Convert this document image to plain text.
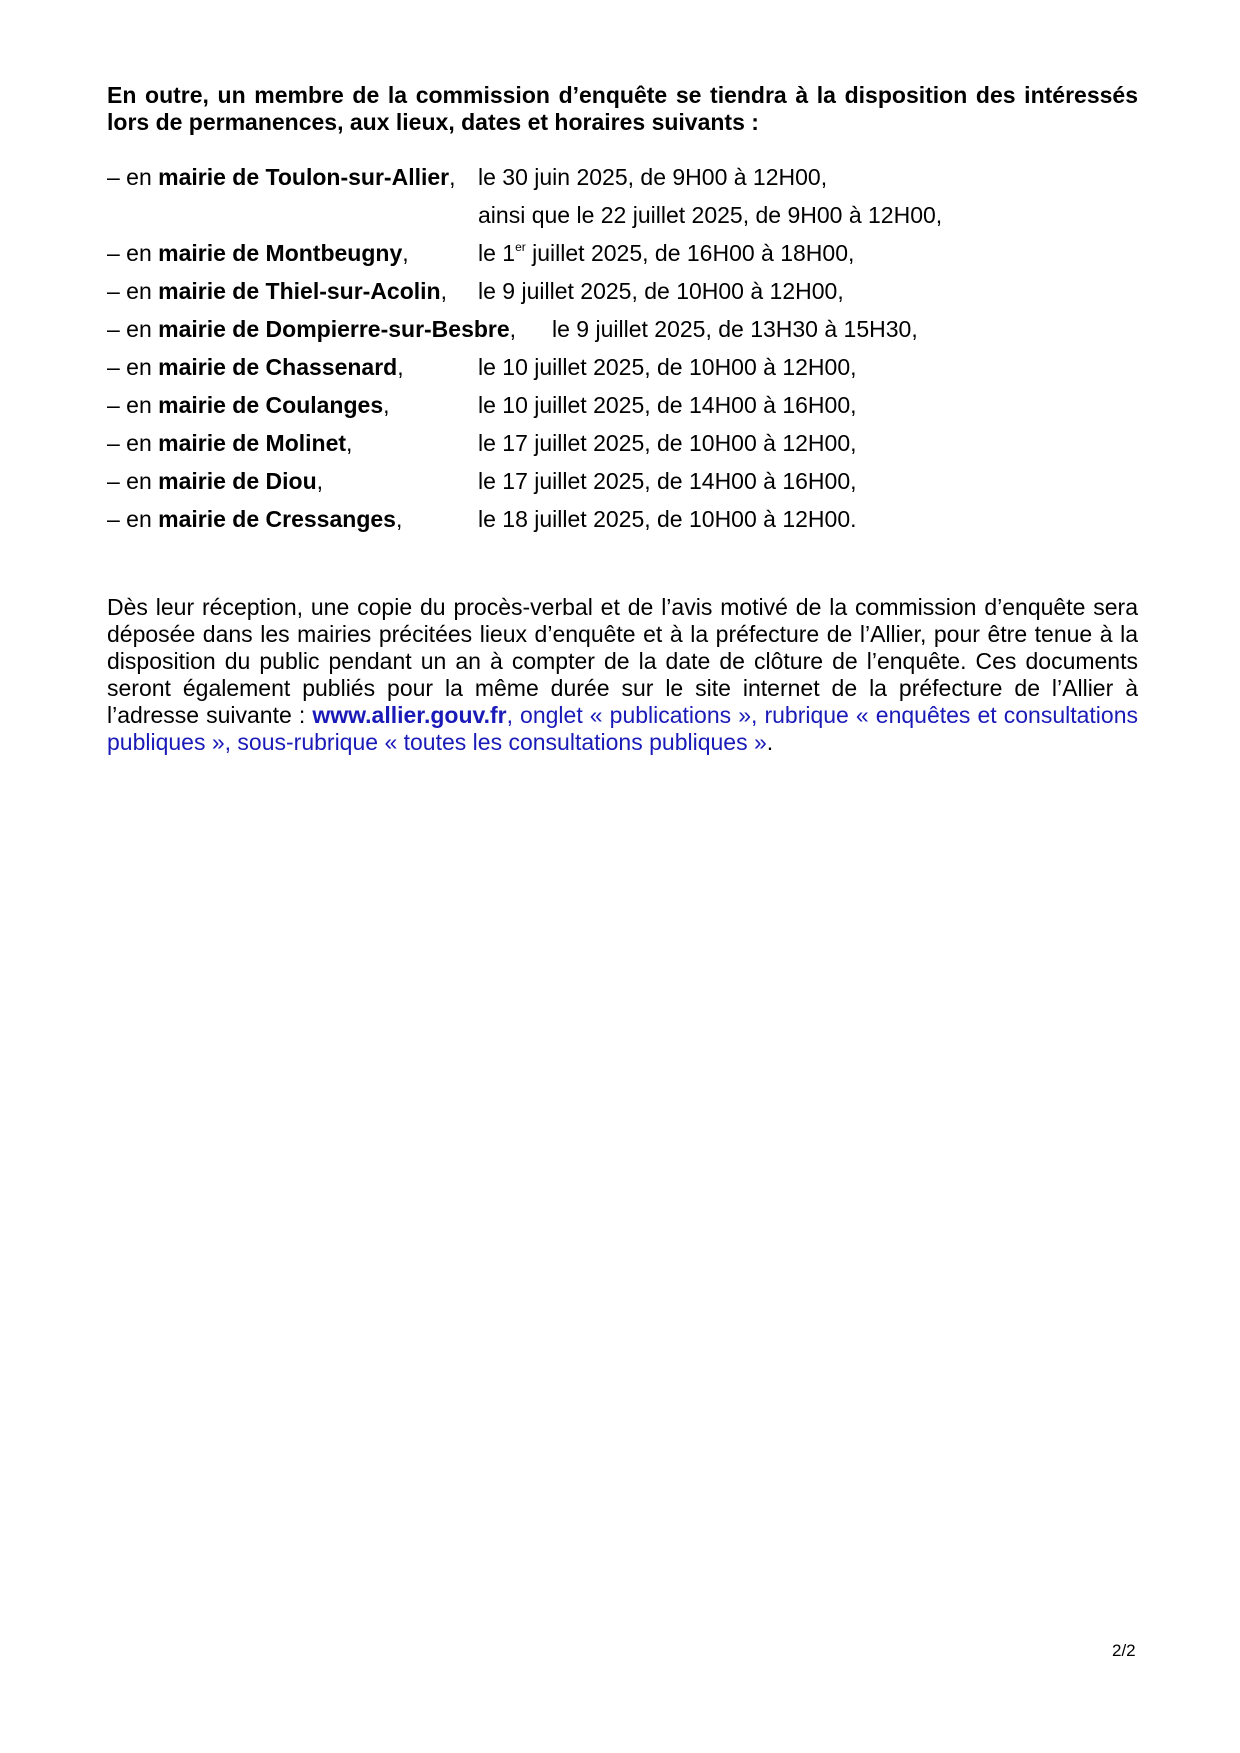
En outre, un membre de la commission d’enquête se tiendra à la disposition des intéressés lors de permanences, aux lieux, dates et horaires suivants :

– en mairie de Toulon-sur-Allier, le 30 juin 2025, de 9H00 à 12H00,
ainsi que le 22 juillet 2025, de 9H00 à 12H00,
– en mairie de Montbeugny,	le 1er juillet 2025, de 16H00 à 18H00,
– en mairie de Thiel-sur-Acolin, le 9 juillet 2025, de 10H00 à 12H00,
– en mairie de Dompierre-sur-Besbre, le 9 juillet 2025, de 13H30 à 15H30,
– en mairie de Chassenard,	le 10 juillet 2025, de 10H00 à 12H00,
– en mairie de Coulanges,	le 10 juillet 2025, de 14H00 à 16H00,
– en mairie de Molinet,	le 17 juillet 2025, de 10H00 à 12H00,
– en mairie de Diou,	le 17 juillet 2025, de 14H00 à 16H00,
– en mairie de Cressanges,	le 18 juillet 2025, de 10H00 à 12H00.

Dès leur réception, une copie du procès-verbal et de l’avis motivé de la commission d’enquête sera déposée dans les mairies précitées lieux d’enquête et à la préfecture de l’Allier, pour être tenue à la disposition du public pendant un an à compter de la date de clôture de l’enquête. Ces documents seront également publiés pour la même durée sur le site internet de la préfecture de l’Allier à l’adresse suivante : www.allier.gouv.fr, onglet « publications », rubrique « enquêtes et consultations publiques », sous-rubrique « toutes les consultations publiques ».

2/2
